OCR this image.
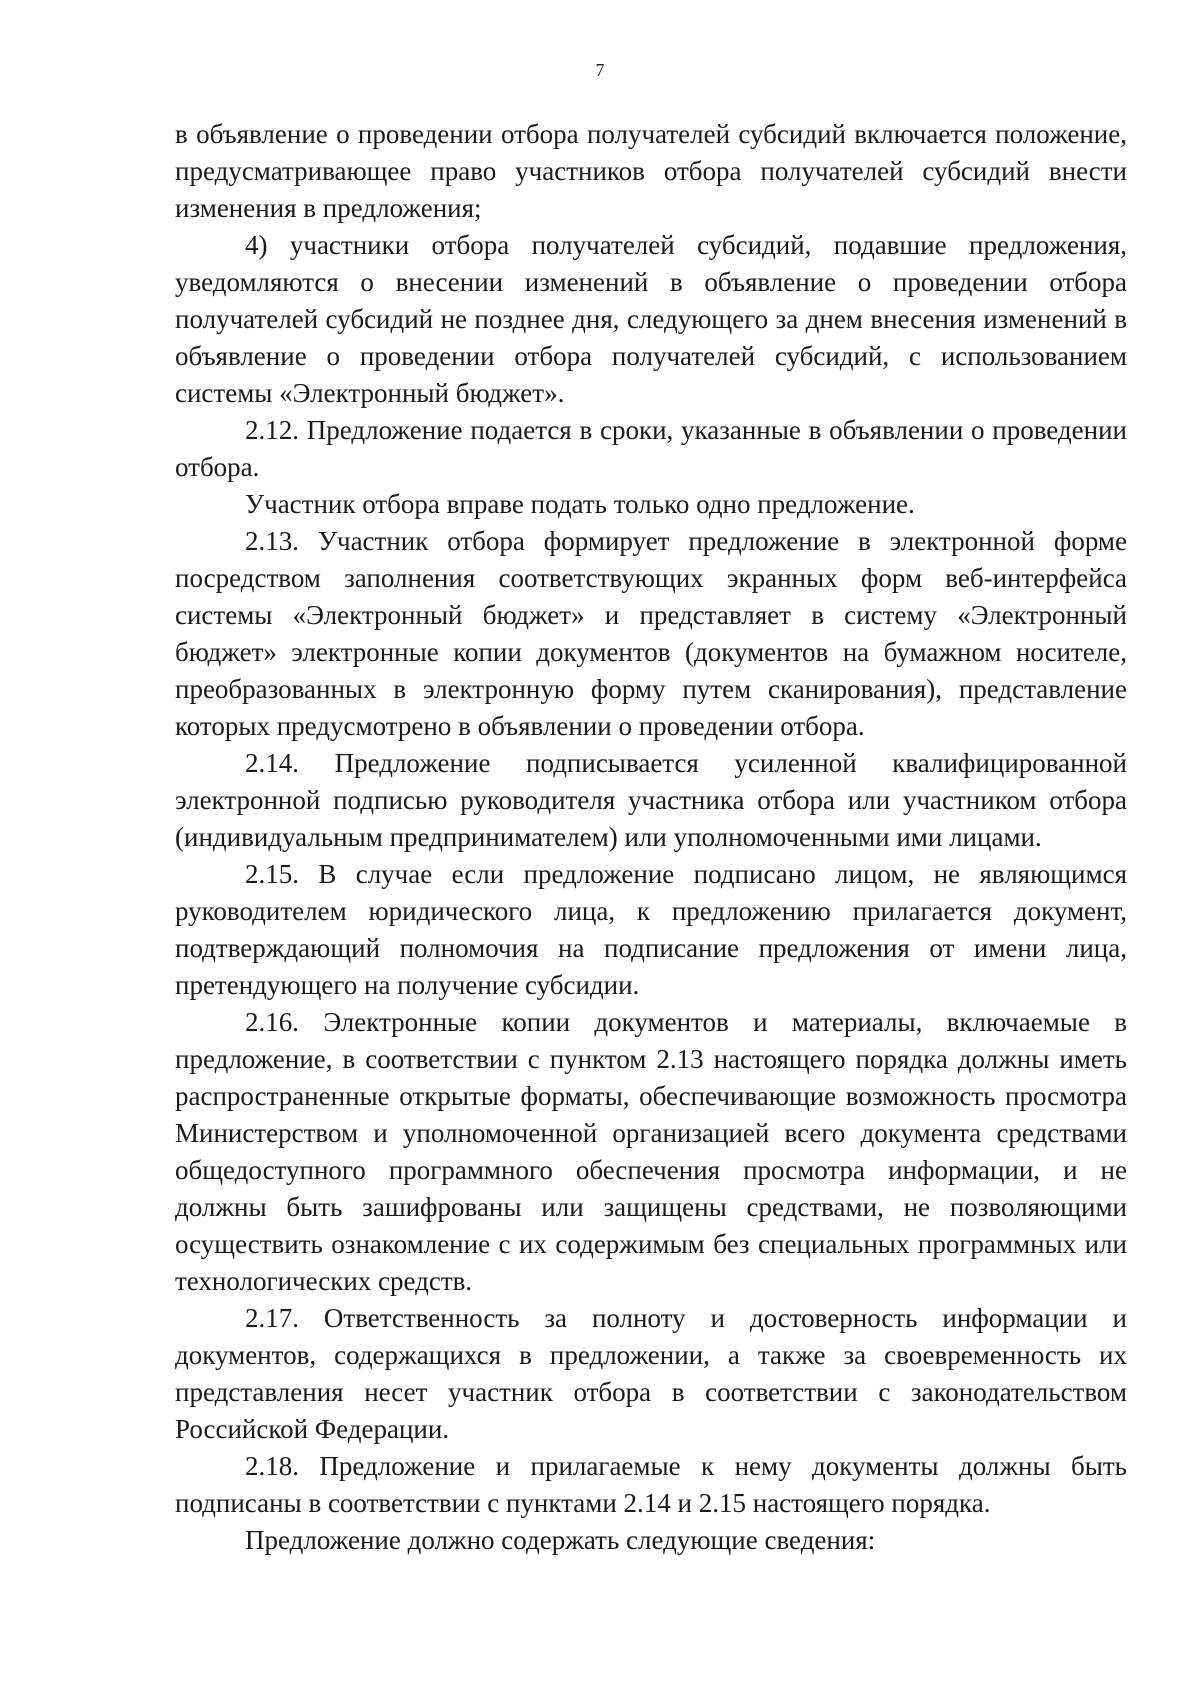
7

в объявление о проведении отбора получателей субсидий включается положение, предусматривающее право участников отбора получателей субсидий внести изменения в предложения;

4) участники отбора получателей субсидий, подавшие предложения, уведомляются о внесении изменений в объявление о проведении отбора получателей субсидий не позднее дня, следующего за днем внесения изменений в объявление о проведении отбора получателей субсидий, с использованием системы «Электронный бюджет».

2.12. Предложение подается в сроки, указанные в объявлении о проведении отбора.

Участник отбора вправе подать только одно предложение.

2.13. Участник отбора формирует предложение в электронной форме посредством заполнения соответствующих экранных форм веб-интерфейса системы «Электронный бюджет» и представляет в систему «Электронный бюджет» электронные копии документов (документов на бумажном носителе, преобразованных в электронную форму путем сканирования), представление которых предусмотрено в объявлении о проведении отбора.

2.14. Предложение подписывается усиленной квалифицированной электронной подписью руководителя участника отбора или участником отбора (индивидуальным предпринимателем) или уполномоченными ими лицами.

2.15. В случае если предложение подписано лицом, не являющимся руководителем юридического лица, к предложению прилагается документ, подтверждающий полномочия на подписание предложения от имени лица, претендующего на получение субсидии.

2.16. Электронные копии документов и материалы, включаемые в предложение, в соответствии с пунктом 2.13 настоящего порядка должны иметь распространенные открытые форматы, обеспечивающие возможность просмотра Министерством и уполномоченной организацией всего документа средствами общедоступного программного обеспечения просмотра информации, и не должны быть зашифрованы или защищены средствами, не позволяющими осуществить ознакомление с их содержимым без специальных программных или технологических средств.

2.17. Ответственность за полноту и достоверность информации и документов, содержащихся в предложении, а также за своевременность их представления несет участник отбора в соответствии с законодательством Российской Федерации.

2.18. Предложение и прилагаемые к нему документы должны быть подписаны в соответствии с пунктами 2.14 и 2.15 настоящего порядка.

Предложение должно содержать следующие сведения:
